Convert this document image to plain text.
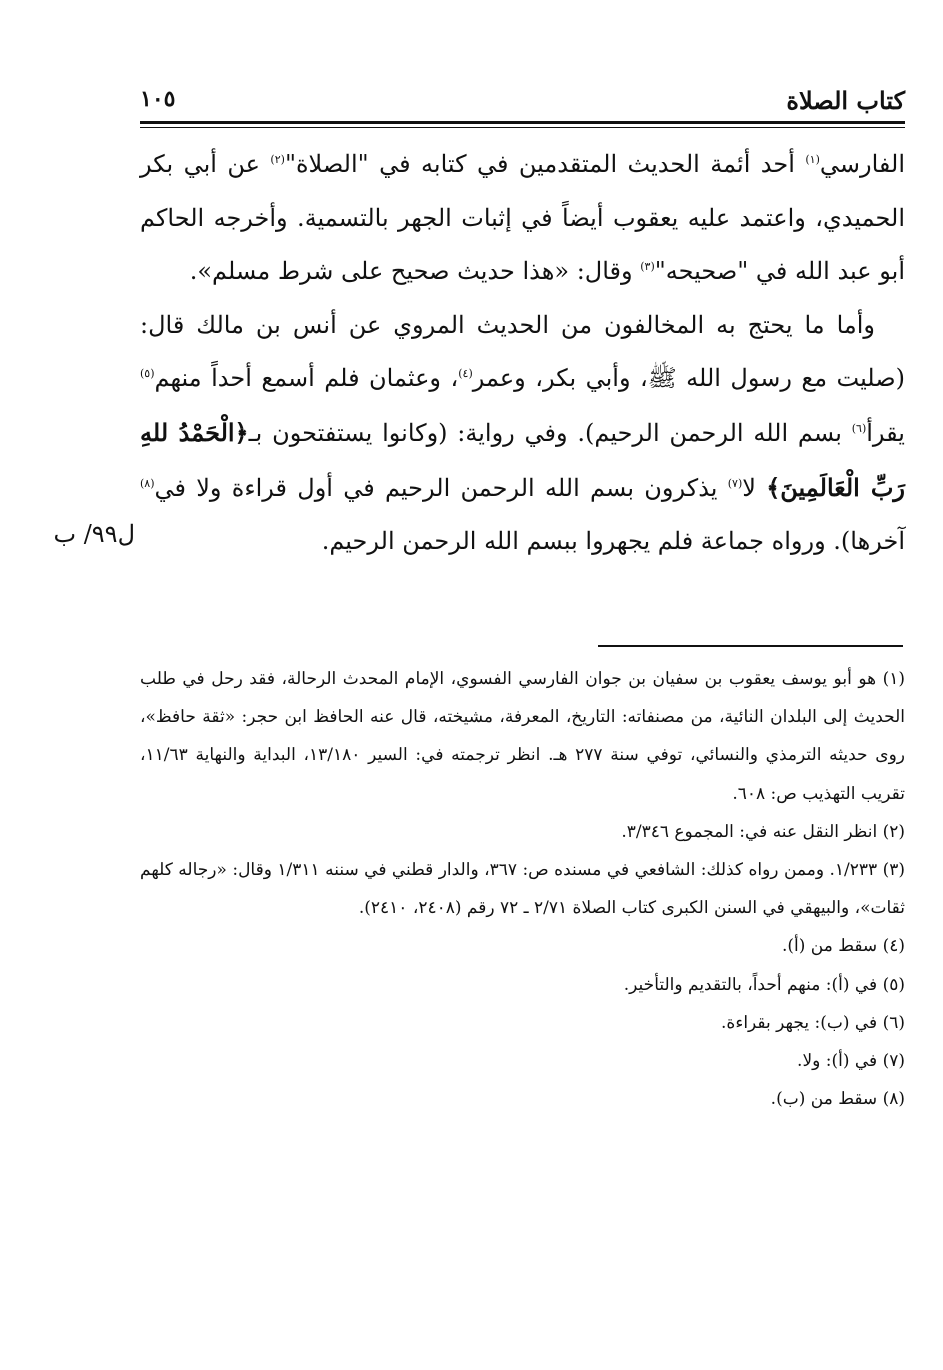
كتاب الصلاة
١٠٥

الفارسي$^{(١)}$ أحد أئمة الحديث المتقدمين في كتابه في "الصلاة"$^{(٢)}$ عن أبي بكر الحميدي، واعتمد عليه يعقوب أيضاً في إثبات الجهر بالتسمية. وأخرجه الحاكم أبو عبد الله في "صحيحه"$^{(٣)}$ وقال: «هذا حديث صحيح على شرط مسلم».

وأما ما يحتج به المخالفون من الحديث المروي عن أنس بن مالك قال: (صليت مع رسول الله ﷺ، وأبي بكر، وعمر$^{(٤)}$، وعثمان فلم أسمع أحداً منهم$^{(٥)}$ يقرأ$^{(٦)}$ بسم الله الرحمن الرحيم). وفي رواية: (وكانوا يستفتحون بـ﴿الْحَمْدُ للهِ رَبِّ الْعَالَمِينَ﴾ لا$^{(٧)}$ يذكرون بسم الله الرحمن الرحيم في أول قراءة ولا في$^{(٨)}$ آخرها). ورواه جماعة فلم يجهروا ببسم الله الرحمن الرحيم.

ل٩٩/ ب
(١) هو أبو يوسف يعقوب بن سفيان بن جوان الفارسي الفسوي، الإمام المحدث الرحالة، فقد رحل في طلب الحديث إلى البلدان النائية، من مصنفاته: التاريخ، المعرفة، مشيخته، قال عنه الحافظ ابن حجر: «ثقة حافظ»، روى حديثه الترمذي والنسائي، توفي سنة ٢٧٧ هـ. انظر ترجمته في: السير ١٣/١٨٠، البداية والنهاية ١١/٦٣، تقريب التهذيب ص: ٦٠٨.
(٢) انظر النقل عنه في: المجموع ٣/٣٤٦.
(٣) ١/٢٣٣. وممن رواه كذلك: الشافعي في مسنده ص: ٣٦٧، والدار قطني في سننه ١/٣١١ وقال: «رجاله كلهم ثقات»، والبيهقي في السنن الكبرى كتاب الصلاة ٢/٧١ ـ ٧٢ رقم (٢٤٠٨، ٢٤١٠).
(٤) سقط من (أ).
(٥) في (أ): منهم أحداً، بالتقديم والتأخير.
(٦) في (ب): يجهر بقراءة.
(٧) في (أ): ولا.
(٨) سقط من (ب).
